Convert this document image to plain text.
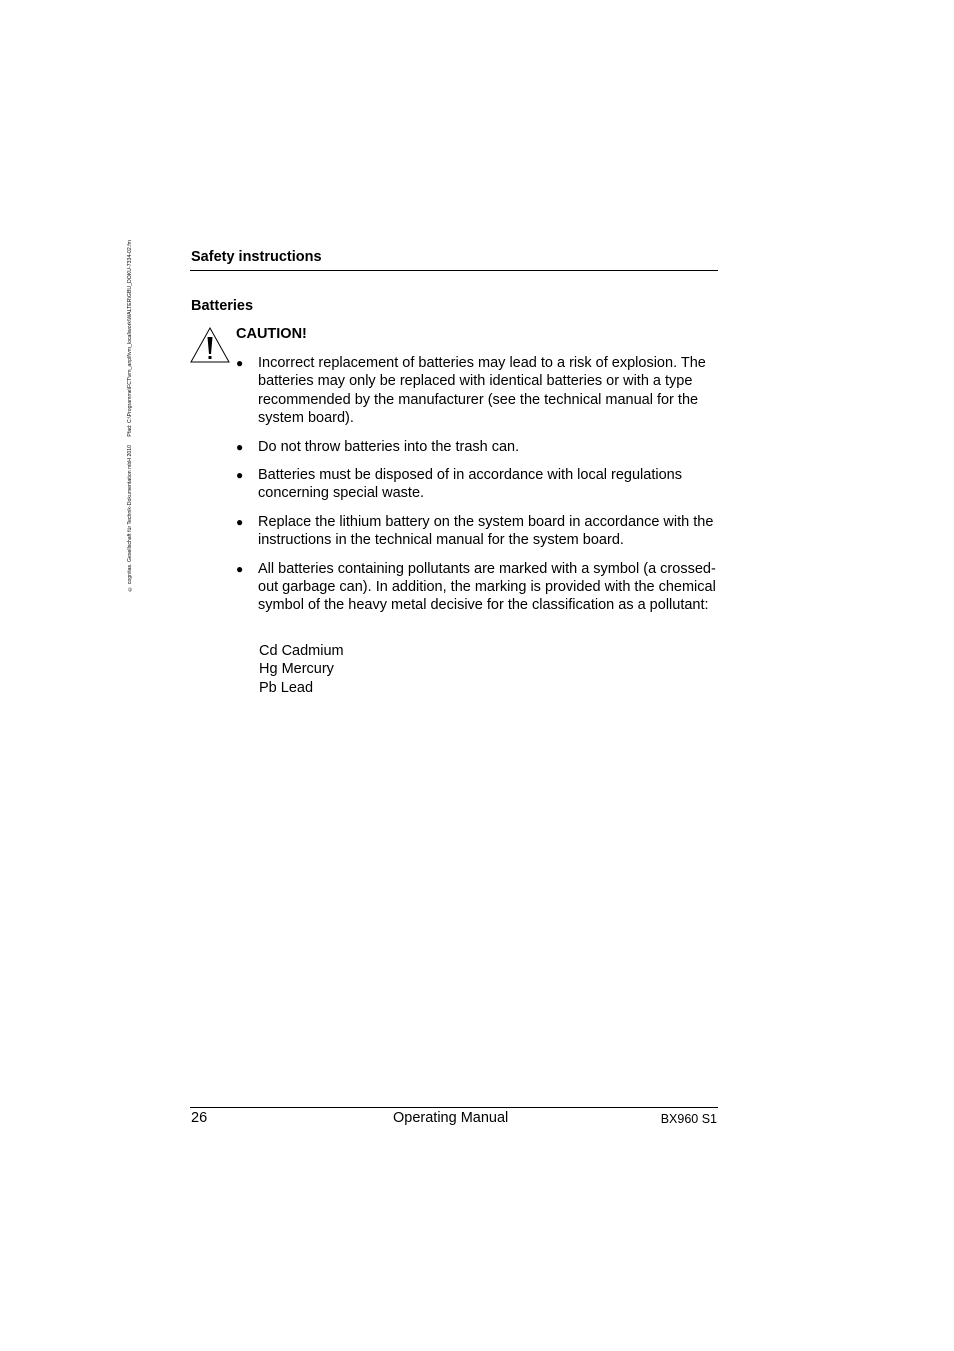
Pfad: C:\Programme\FCT\vm_anplf\vm_local\work\WALTER\GBU_DOKU-7334-02.fm
© cognitas. Gesellschaft für Technik-Dokumentation mbH 2010
Safety instructions
Batteries
CAUTION!
●	Incorrect replacement of batteries may lead to a risk of explosion. The batteries may only be replaced with identical batteries or with a type recommended by the manufacturer (see the technical manual for the system board).
●	Do not throw batteries into the trash can.
●	Batteries must be disposed of in accordance with local regulations concerning special waste.
●	Replace the lithium battery on the system board in accordance with the instructions in the technical manual for the system board.
●	All batteries containing pollutants are marked with a symbol (a crossed-out garbage can). In addition, the marking is provided with the chemical symbol of the heavy metal decisive for the classification as a pollutant:
Cd Cadmium
Hg Mercury
Pb Lead
26	Operating Manual	BX960 S1
